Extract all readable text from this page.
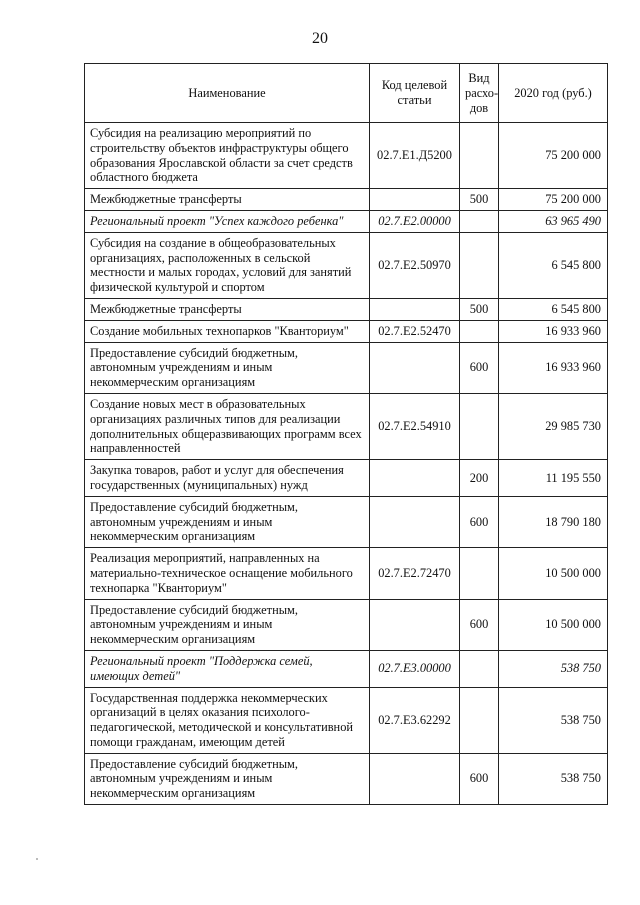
20
Наименование	Код целевой статьи	Вид расхо-дов	2020 год (руб.)
Субсидия на реализацию мероприятий по строительству объектов инфраструктуры общего образования Ярославской области за счет средств областного бюджета	02.7.E1.Д5200		75 200 000
Межбюджетные трансферты		500	75 200 000
Региональный проект "Успех каждого ребенка"	02.7.E2.00000		63 965 490
Субсидия на создание в общеобразовательных организациях, расположенных в сельской местности и малых городах, условий для занятий физической культурой и спортом	02.7.E2.50970		6 545 800
Межбюджетные трансферты		500	6 545 800
Создание мобильных технопарков "Кванториум"	02.7.E2.52470		16 933 960
Предоставление субсидий бюджетным, автономным учреждениям и иным некоммерческим организациям		600	16 933 960
Создание новых мест в образовательных организациях различных типов для реализации дополнительных общеразвивающих программ всех направленностей	02.7.E2.54910		29 985 730
Закупка товаров, работ и услуг для обеспечения государственных (муниципальных) нужд		200	11 195 550
Предоставление субсидий бюджетным, автономным учреждениям и иным некоммерческим организациям		600	18 790 180
Реализация мероприятий, направленных на материально-техническое оснащение мобильного технопарка "Кванториум"	02.7.E2.72470		10 500 000
Предоставление субсидий бюджетным, автономным учреждениям и иным некоммерческим организациям		600	10 500 000
Региональный проект "Поддержка семей, имеющих детей"	02.7.E3.00000		538 750
Государственная поддержка некоммерческих организаций в целях оказания психолого-педагогической, методической и консультативной помощи гражданам, имеющим детей	02.7.E3.62292		538 750
Предоставление субсидий бюджетным, автономным учреждениям и иным некоммерческим организациям		600	538 750
